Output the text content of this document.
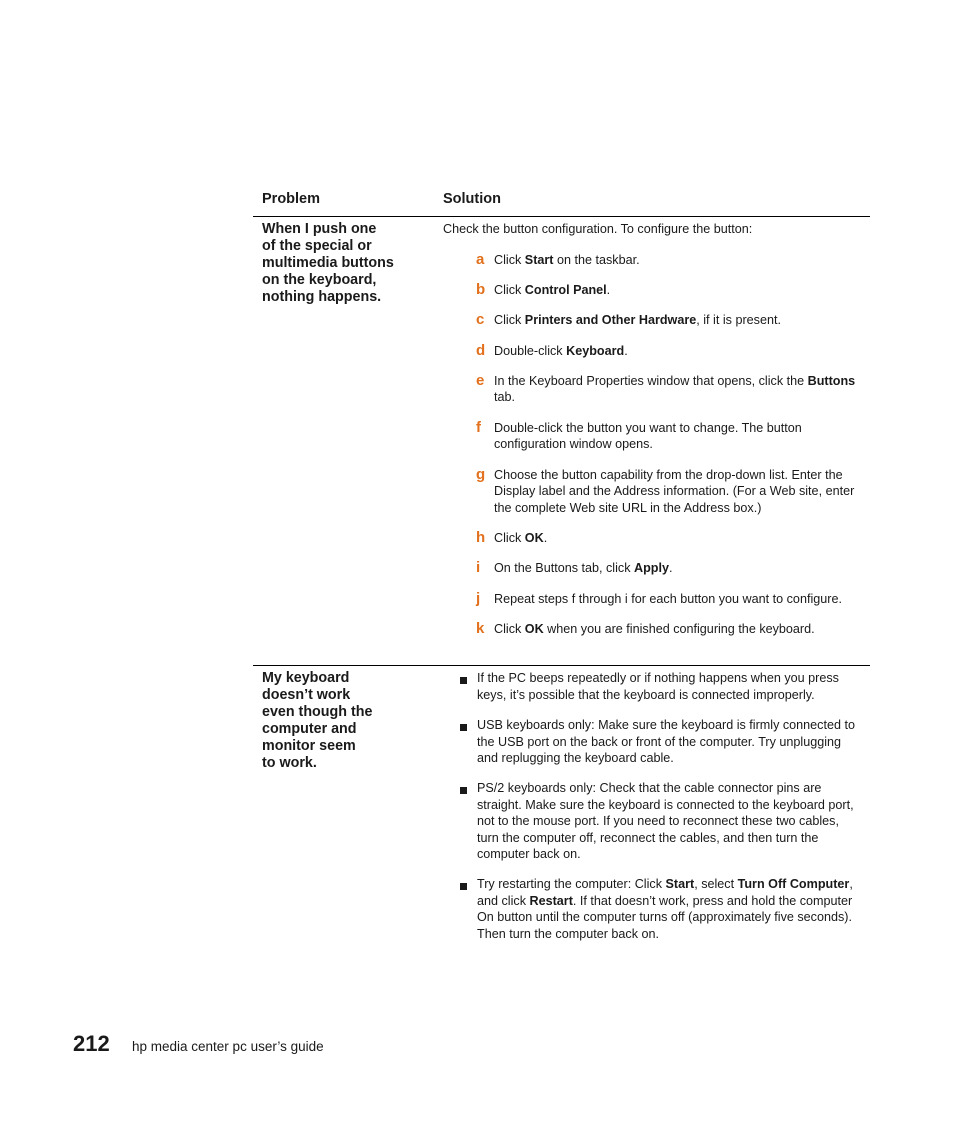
Problem	Solution
When I push one
of the special or
multimedia buttons
on the keyboard,
nothing happens.
Check the button configuration. To configure the button:
a Click Start on the taskbar.
b Click Control Panel.
c Click Printers and Other Hardware, if it is present.
d Double-click Keyboard.
e In the Keyboard Properties window that opens, click the Buttons tab.
f Double-click the button you want to change. The button configuration window opens.
g Choose the button capability from the drop-down list. Enter the Display label and the Address information. (For a Web site, enter the complete Web site URL in the Address box.)
h Click OK.
i On the Buttons tab, click Apply.
j Repeat steps f through i for each button you want to configure.
k Click OK when you are finished configuring the keyboard.
My keyboard
doesn’t work
even though the
computer and
monitor seem
to work.
If the PC beeps repeatedly or if nothing happens when you press keys, it’s possible that the keyboard is connected improperly.
USB keyboards only: Make sure the keyboard is firmly connected to the USB port on the back or front of the computer. Try unplugging and replugging the keyboard cable.
PS/2 keyboards only: Check that the cable connector pins are straight. Make sure the keyboard is connected to the keyboard port, not to the mouse port. If you need to reconnect these two cables, turn the computer off, reconnect the cables, and then turn the computer back on.
Try restarting the computer: Click Start, select Turn Off Computer, and click Restart. If that doesn’t work, press and hold the computer On button until the computer turns off (approximately five seconds). Then turn the computer back on.
212 hp media center pc user’s guide
